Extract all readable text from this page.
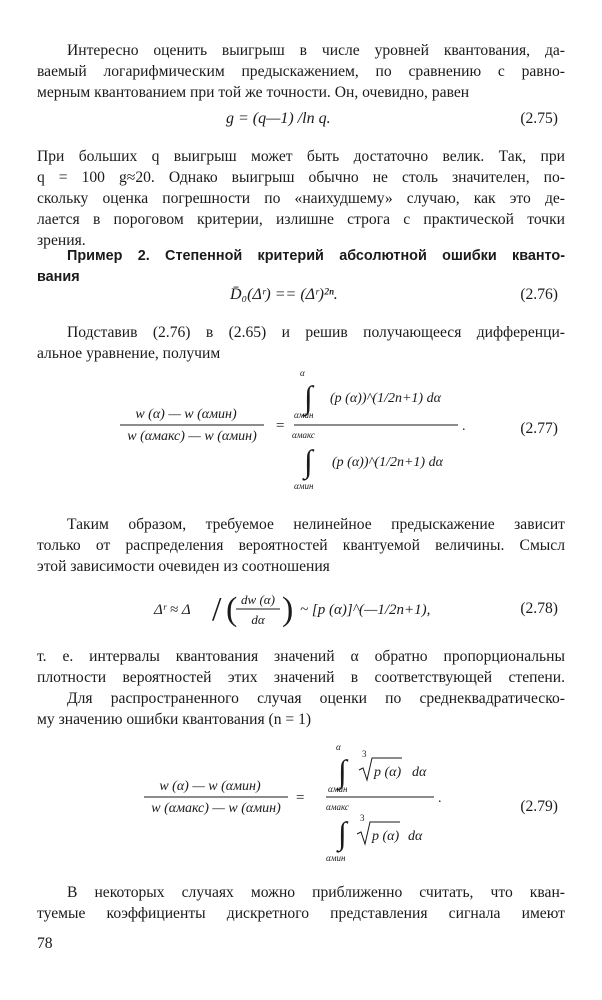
Интересно оценить выигрыш в числе уровней квантования, да-
ваемый логарифмическим предыскажением, по сравнению с равно-
мерным квантованием при той же точности. Он, очевидно, равен
g = (q—1) /ln q.	(2.75)
При больших q выигрыш может быть достаточно велик. Так, при
q = 100 g≈20. Однако выигрыш обычно не столь значителен, по-
скольку оценка погрешности по «наихудшему» случаю, как это де-
лается в пороговом критерии, излишне строга с практической точки
зрения.
Пример 2. Степенной критерий абсолютной ошибки кванто-
вания
D̄₀(Δʳ) == (Δʳ)²ⁿ.	(2.76)
Подставив (2.76) в (2.65) и решив получающееся дифференци-
альное уравнение, получим
w (α) — w (αмин)
w (αмакс) — w (αмин)
=
α
∫
αмин
(p (α))^(1/2n+1) dα
.
αмакс
∫
αмин
(p (α))^(1/2n+1) dα
(2.77)
Таким образом, требуемое нелинейное предыскажение зависит
только от распределения вероятностей квантуемой величины. Смысл
этой зависимости очевиден из соотношения
Δʳ ≈ Δ / ( dw (α)
dα ) ~ [p (α)]^(—1/2n+1),	(2.78)
т. е. интервалы квантования значений α обратно пропорциональны
плотности вероятностей этих значений в соответствующей степени.
Для распространенного случая оценки по среднеквадратическо-
му значению ошибки квантования (n = 1)
w (α) — w (αмин)
w (αмакс) — w (αмин)
=
α
∫
αмин
3
p (α) dα
.
αмакс
∫
αмин
3
p (α) dα
(2.79)
В некоторых случаях можно приближенно считать, что кван-
туемые коэффициенты дискретного представления сигнала имеют
78
